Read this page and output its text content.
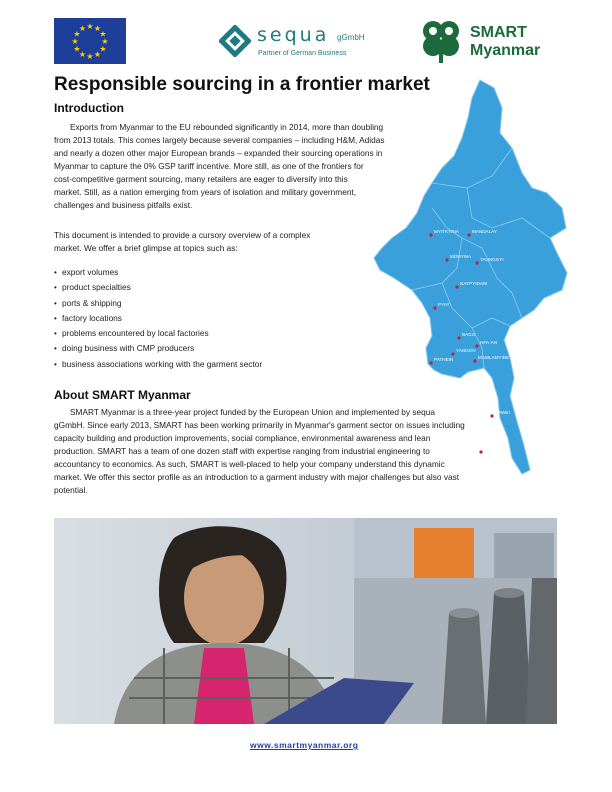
★ ★
★
★
★
★
★
★
★
★
★
★	sequa gGmbH
Partner of German Business
SMART
Myanmar
MYITKYINA	MANDALAY
MONYWA
TAUNGGYI
NAYPYIDAW
PYAY
BAGO
HPA-AN
PATHEIN
YANGON
MAWLAMYINE
DAWEI
MYEIK
Responsible sourcing in a frontier market
Introduction

Exports from Myanmar to the EU rebounded significantly in 2014, more than doubling

from 2013 totals. This comes largely because several companies – including H&M, Adidas

and nearly a dozen other major European brands – expanded their sourcing operations in

Myanmar to capture the 0% GSP tariff incentive. More still, as one of the frontiers for

cost-competitive garment sourcing, many retailers are eager to diversify into this

market. Still, as a nation emerging from years of isolation and military government,

challenges and business pitfalls exist.

This document is intended to provide a cursory overview of a complex

market. We offer a brief glimpse at topics such as:

• export volumes
• product specialties
• ports & shipping
• factory locations
• problems encountered by local factories
• doing business with CMP producers
• business associations working with the garment sector
About SMART Myanmar

SMART Myanmar is a three-year project funded by the European Union and implemented by sequa

gGmbH. Since early 2013, SMART has been working primarily in Myanmar's garment sector on issues including

capacity building and production improvements, social compliance, environmental awareness and lean

production. SMART has a team of one dozen staff with expertise ranging from industrial engineering to

accountancy to economics. As such, SMART is well-placed to help your company understand this dynamic

market. We offer this sector profile as an introduction to a garment industry with major challenges but also vast

potential.

www.smartmyanmar.org
